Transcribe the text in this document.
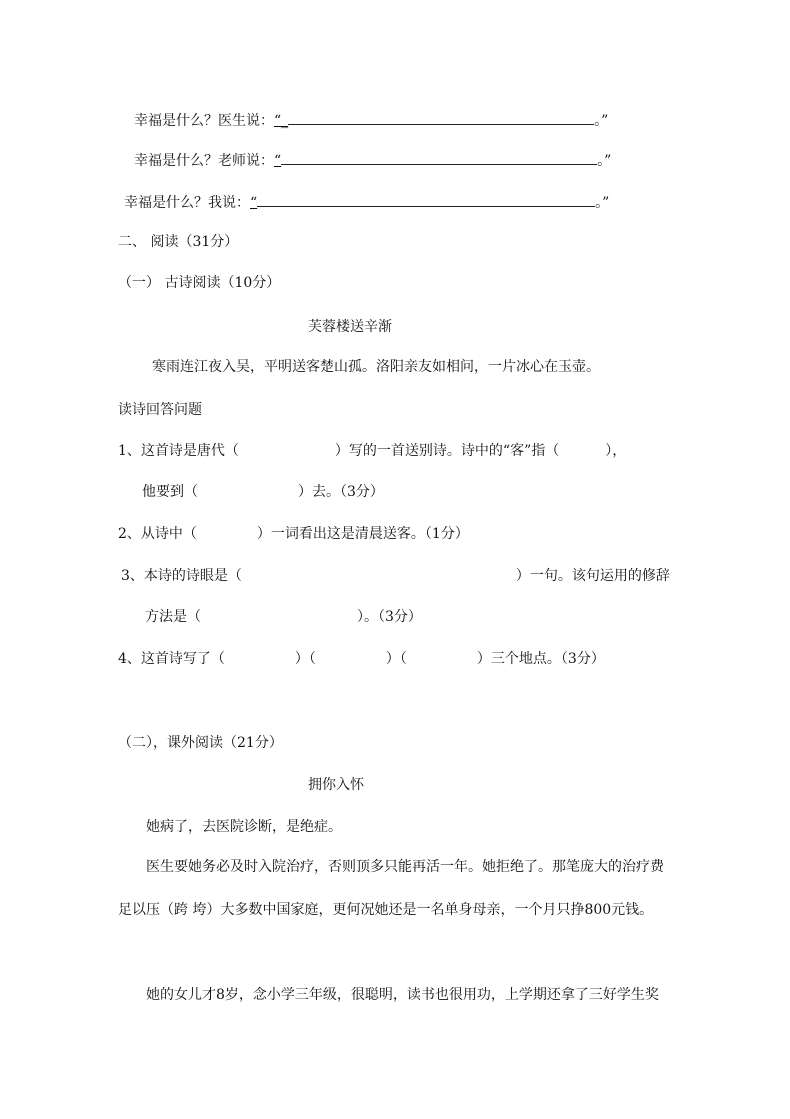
幸福是什么？医生说：“_	。”
幸福是什么？老师说：“	。”
幸福是什么？我说：“	。”
二、 阅读（31分）
（一） 古诗阅读（10分）
芙蓉楼送辛渐
寒雨连江夜入吴，平明送客楚山孤。洛阳亲友如相问，一片冰心在玉壶。
读诗回答问题
1、这首诗是唐代（	）写的一首送别诗。诗中的“客”指（	），
他要到（	）去。（3分）
2、从诗中（	）一词看出这是清晨送客。（1分）
3、本诗的诗眼是（	）一句。该句运用的修辞
方法是（	）。（3分）
4、这首诗写了（	）（	）（	）三个地点。（3分）
（二），课外阅读（21分）
拥你入怀
她病了，去医院诊断，是绝症。
医生要她务必及时入院治疗，否则顶多只能再活一年。她拒绝了。那笔庞大的治疗费
足以压（跨 垮）大多数中国家庭，更何况她还是一名单身母亲，一个月只挣800元钱。
她的女儿才8岁，念小学三年级，很聪明，读书也很用功，上学期还拿了三好学生奖
